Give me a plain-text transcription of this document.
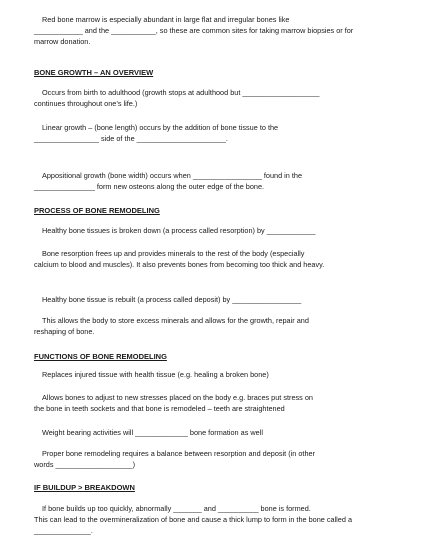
Red bone marrow is especially abundant in large flat and irregular bones like
____________ and the ___________, so these are common sites for taking marrow biopsies or for marrow donation.

BONE GROWTH – AN OVERVIEW

Occurs from birth to adulthood (growth stops at adulthood but ___________________
continues throughout one’s life.)

Linear growth – (bone length) occurs by the addition of bone tissue to the
________________ side of the ______________________.

Appositional growth (bone width) occurs when _________________ found in the
_______________ form new osteons along the outer edge of the bone.

PROCESS OF BONE REMODELING

Healthy bone tissues is broken down (a process called resorption) by ____________

Bone resorption frees up and provides minerals to the rest of the body (especially
calcium to blood and muscles). It also prevents bones from becoming too thick and heavy.

Healthy bone tissue is rebuilt (a process called deposit) by _________________

This allows the body to store excess minerals and allows for the growth, repair and
reshaping of bone.

FUNCTIONS OF BONE REMODELING

Replaces injured tissue with health tissue (e.g. healing a broken bone)

Allows bones to adjust to new stresses placed on the body e.g. braces put stress on
the bone in teeth sockets and that bone is remodeled – teeth are straightened

Weight bearing activities will _____________ bone formation as well

Proper bone remodeling requires a balance between resorption and deposit (in other
words ___________________)

IF BUILDUP > BREAKDOWN

If bone builds up too quickly, abnormally _______ and __________ bone is formed.
This can lead to the overmineralization of bone and cause a thick lump to form in the bone called a ______________.
